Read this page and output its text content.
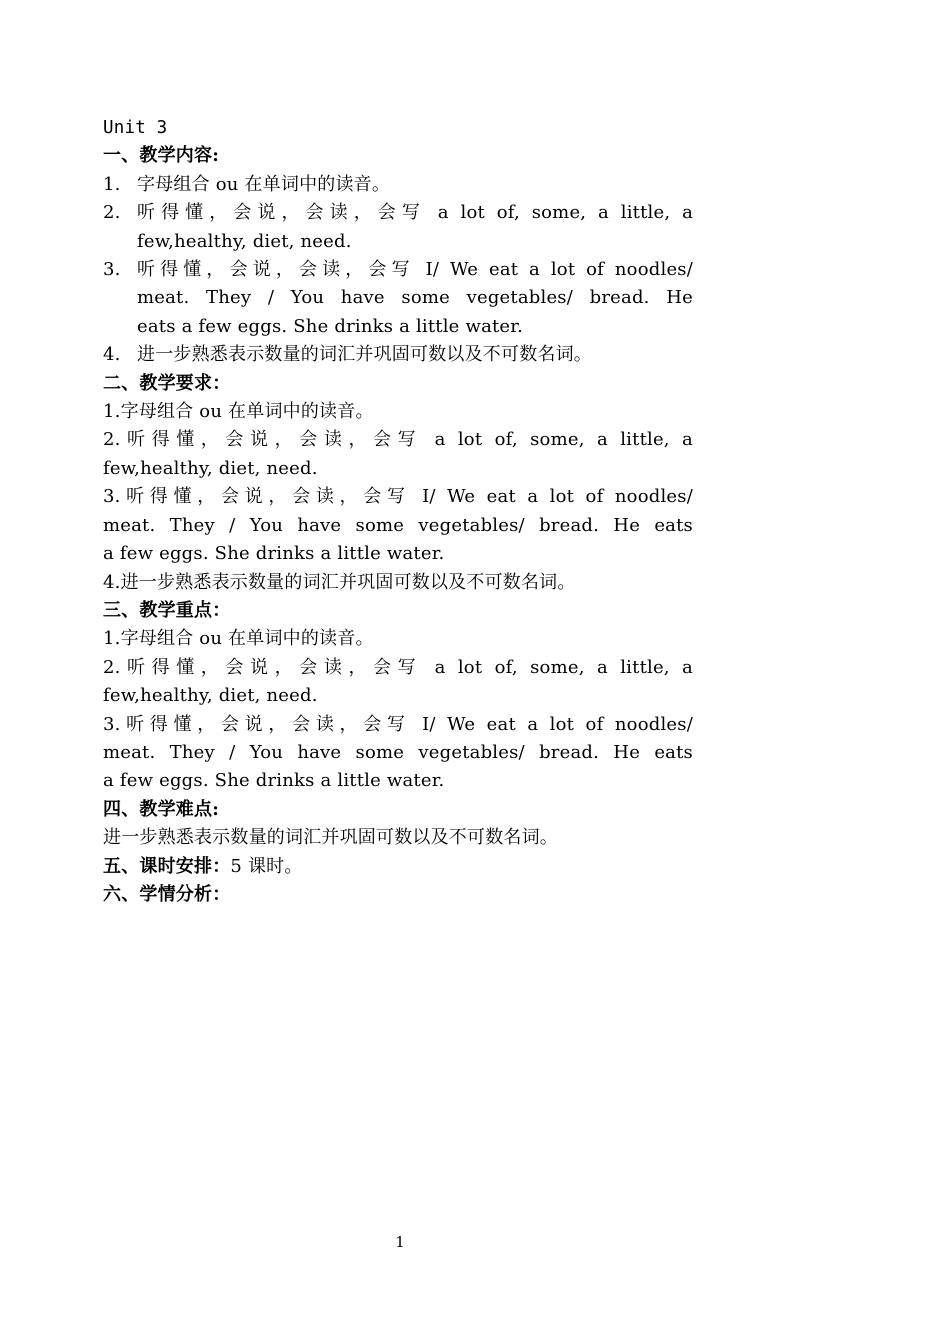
Unit 3
一、教学内容:
1. 字母组合 ou 在单词中的读音。
2. 听得懂，会说，会读，会写 a lot of, some, a little, a
few,healthy, diet, need.
3. 听得懂，会说，会读，会写 I/ We eat a lot of noodles/
meat. They / You have some vegetables/ bread. He
eats a few eggs. She drinks a little water.
4. 进一步熟悉表示数量的词汇并巩固可数以及不可数名词。
二、教学要求：
1.字母组合 ou 在单词中的读音。
2.听得懂，会说，会读，会写 a lot of, some, a little, a
few,healthy, diet, need.
3.听得懂，会说，会读，会写 I/ We eat a lot of noodles/
meat. They / You have some vegetables/ bread. He eats
a few eggs. She drinks a little water.
4.进一步熟悉表示数量的词汇并巩固可数以及不可数名词。
三、教学重点：
1.字母组合 ou 在单词中的读音。
2.听得懂，会说，会读，会写 a lot of, some, a little, a
few,healthy, diet, need.
3.听得懂，会说，会读，会写 I/ We eat a lot of noodles/
meat. They / You have some vegetables/ bread. He eats
a few eggs. She drinks a little water.
四、教学难点:
进一步熟悉表示数量的词汇并巩固可数以及不可数名词。
五、课时安排：5 课时。
六、学情分析：
1
